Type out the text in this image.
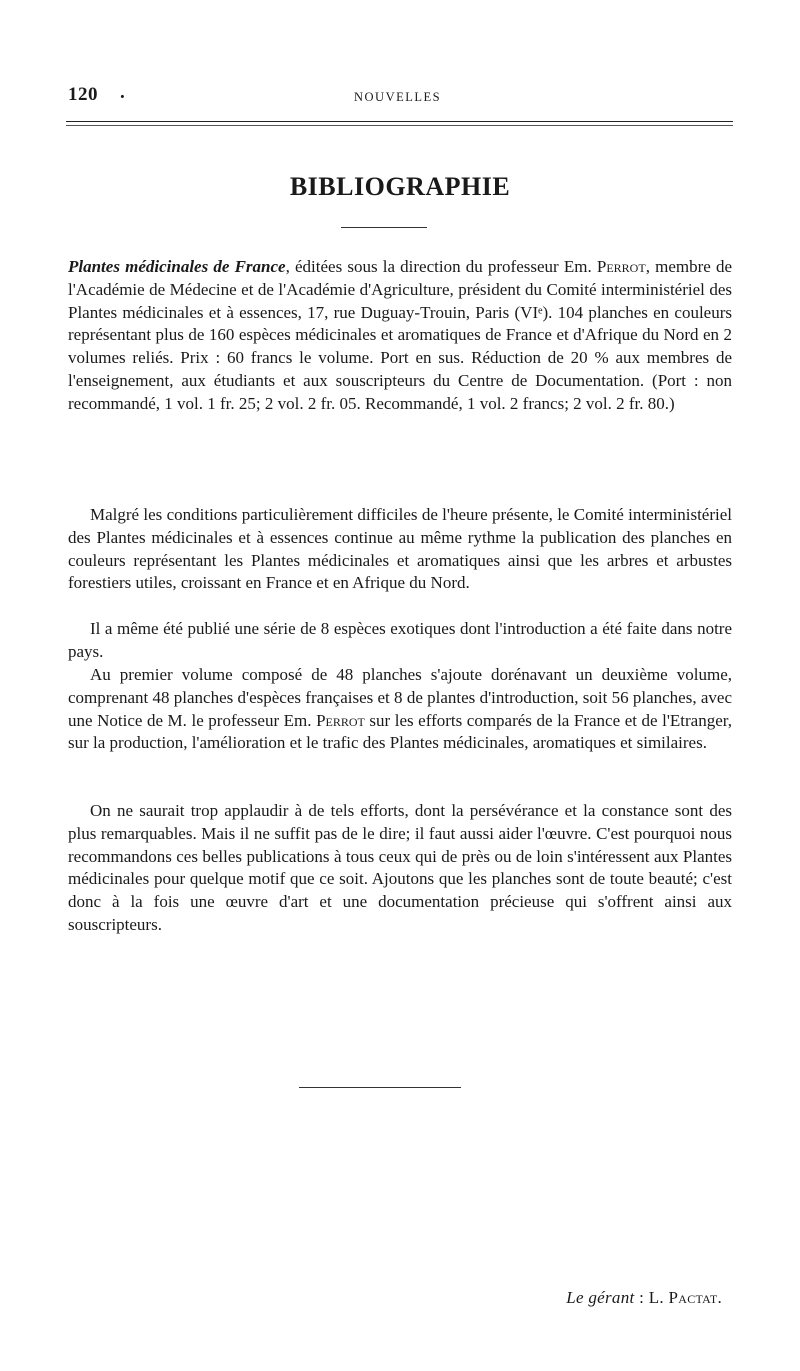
120 .	NOUVELLES
BIBLIOGRAPHIE
Plantes médicinales de France, éditées sous la direction du professeur Em. Perrot, membre de l'Académie de Médecine et de l'Académie d'Agriculture, président du Comité interministériel des Plantes médicinales et à essences, 17, rue Duguay-Trouin, Paris (VIᵉ). 104 planches en couleurs représentant plus de 160 espèces médicinales et aromatiques de France et d'Afrique du Nord en 2 volumes reliés. Prix : 60 francs le volume. Port en sus. Réduction de 20 % aux membres de l'enseignement, aux étudiants et aux souscripteurs du Centre de Documentation. (Port : non recommandé, 1 vol. 1 fr. 25; 2 vol. 2 fr. 05. Recommandé, 1 vol. 2 francs; 2 vol. 2 fr. 80.)

Malgré les conditions particulièrement difficiles de l'heure présente, le Comité interministériel des Plantes médicinales et à essences continue au même rythme la publication des planches en couleurs représentant les Plantes médicinales et aromatiques ainsi que les arbres et arbustes forestiers utiles, croissant en France et en Afrique du Nord.

Il a même été publié une série de 8 espèces exotiques dont l'introduction a été faite dans notre pays.

Au premier volume composé de 48 planches s'ajoute dorénavant un deuxième volume, comprenant 48 planches d'espèces françaises et 8 de plantes d'introduction, soit 56 planches, avec une Notice de M. le professeur Em. Perrot sur les efforts comparés de la France et de l'Etranger, sur la production, l'amélioration et le trafic des Plantes médicinales, aromatiques et similaires.

On ne saurait trop applaudir à de tels efforts, dont la persévérance et la constance sont des plus remarquables. Mais il ne suffit pas de le dire; il faut aussi aider l'œuvre. C'est pourquoi nous recommandons ces belles publications à tous ceux qui de près ou de loin s'intéressent aux Plantes médicinales pour quelque motif que ce soit. Ajoutons que les planches sont de toute beauté; c'est donc à la fois une œuvre d'art et une documentation précieuse qui s'offrent ainsi aux souscripteurs.

Le gérant : L. Pactat.
